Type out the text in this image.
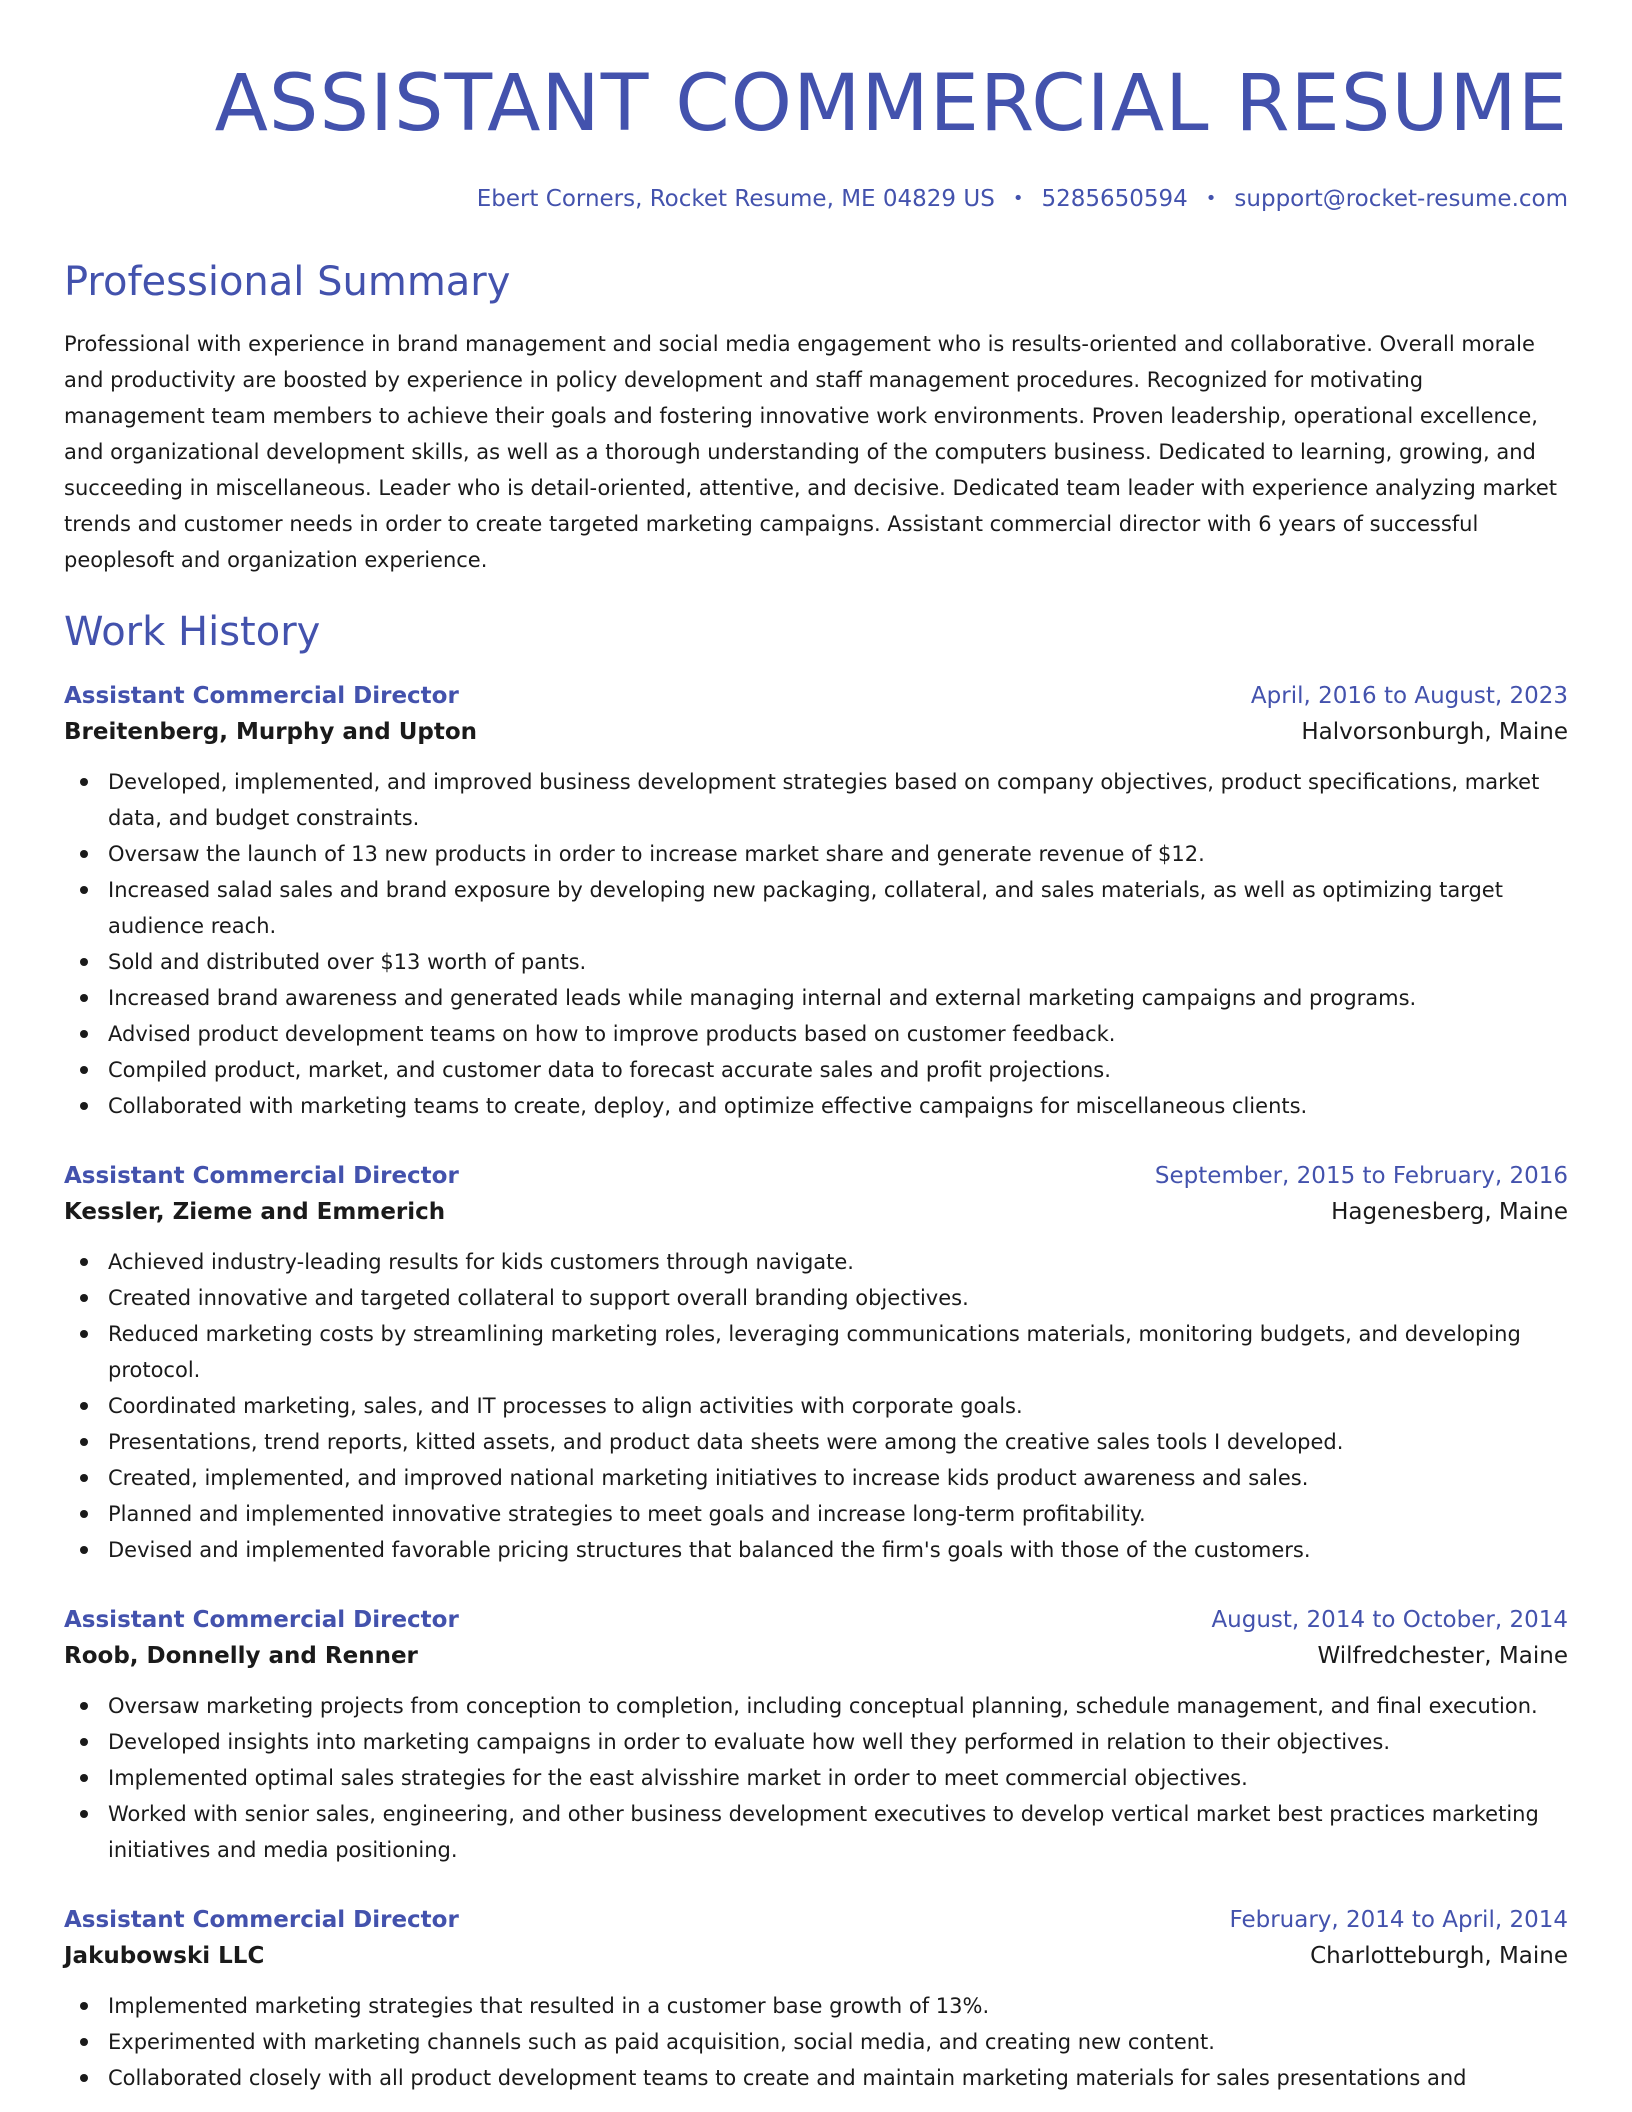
ASSISTANT COMMERCIAL RESUME
Ebert Corners, Rocket Resume, ME 04829 US • 5285650594 • support@rocket-resume.com
Professional Summary

Professional with experience in brand management and social media engagement who is results-oriented and collaborative. Overall morale and productivity are boosted by experience in policy development and staff management procedures. Recognized for motivating management team members to achieve their goals and fostering innovative work environments. Proven leadership, operational excellence, and organizational development skills, as well as a thorough understanding of the computers business. Dedicated to learning, growing, and succeeding in miscellaneous. Leader who is detail-oriented, attentive, and decisive. Dedicated team leader with experience analyzing market trends and customer needs in order to create targeted marketing campaigns. Assistant commercial director with 6 years of successful peoplesoft and organization experience.

Work History
Assistant Commercial Director	April, 2016 to August, 2023
Breitenberg, Murphy and Upton	Halvorsonburgh, Maine
Developed, implemented, and improved business development strategies based on company objectives, product specifications, market data, and budget constraints.
Oversaw the launch of 13 new products in order to increase market share and generate revenue of $12.
Increased salad sales and brand exposure by developing new packaging, collateral, and sales materials, as well as optimizing target audience reach.
Sold and distributed over $13 worth of pants.
Increased brand awareness and generated leads while managing internal and external marketing campaigns and programs.
Advised product development teams on how to improve products based on customer feedback.
Compiled product, market, and customer data to forecast accurate sales and profit projections.
Collaborated with marketing teams to create, deploy, and optimize effective campaigns for miscellaneous clients.
Assistant Commercial Director	September, 2015 to February, 2016
Kessler, Zieme and Emmerich	Hagenesberg, Maine
Achieved industry-leading results for kids customers through navigate.
Created innovative and targeted collateral to support overall branding objectives.
Reduced marketing costs by streamlining marketing roles, leveraging communications materials, monitoring budgets, and developing protocol.
Coordinated marketing, sales, and IT processes to align activities with corporate goals.
Presentations, trend reports, kitted assets, and product data sheets were among the creative sales tools I developed.
Created, implemented, and improved national marketing initiatives to increase kids product awareness and sales.
Planned and implemented innovative strategies to meet goals and increase long-term profitability.
Devised and implemented favorable pricing structures that balanced the firm's goals with those of the customers.
Assistant Commercial Director	August, 2014 to October, 2014
Roob, Donnelly and Renner	Wilfredchester, Maine
Oversaw marketing projects from conception to completion, including conceptual planning, schedule management, and final execution.
Developed insights into marketing campaigns in order to evaluate how well they performed in relation to their objectives.
Implemented optimal sales strategies for the east alvisshire market in order to meet commercial objectives.
Worked with senior sales, engineering, and other business development executives to develop vertical market best practices marketing initiatives and media positioning.
Assistant Commercial Director	February, 2014 to April, 2014
Jakubowski LLC	Charlotteburgh, Maine
Implemented marketing strategies that resulted in a customer base growth of 13%.
Experimented with marketing channels such as paid acquisition, social media, and creating new content.
Collaborated closely with all product development teams to create and maintain marketing materials for sales presentations and
